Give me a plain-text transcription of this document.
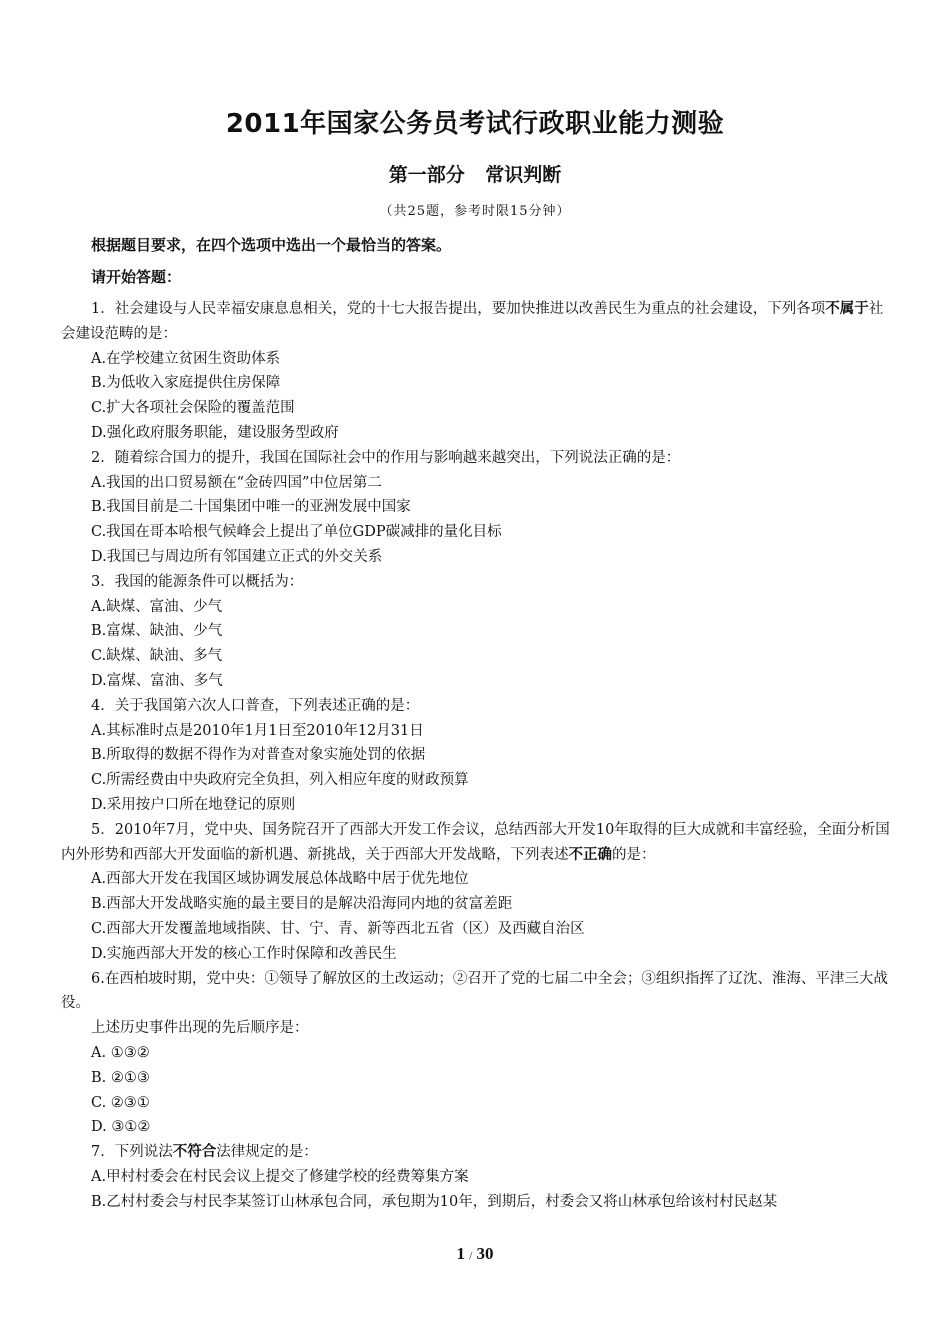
2011年国家公务员考试行政职业能力测验
第一部分 常识判断
（共25题，参考时限15分钟）
根据题目要求，在四个选项中选出一个最恰当的答案。
请开始答题：

1．社会建设与人民幸福安康息息相关，党的十七大报告提出，要加快推进以改善民生为重点的社会建设，下列各项不属于社会建设范畴的是：

A.在学校建立贫困生资助体系

B.为低收入家庭提供住房保障

C.扩大各项社会保险的覆盖范围

D.强化政府服务职能，建设服务型政府

2．随着综合国力的提升，我国在国际社会中的作用与影响越来越突出，下列说法正确的是：

A.我国的出口贸易额在“金砖四国”中位居第二

B.我国目前是二十国集团中唯一的亚洲发展中国家

C.我国在哥本哈根气候峰会上提出了单位GDP碳减排的量化目标

D.我国已与周边所有邻国建立正式的外交关系

3．我国的能源条件可以概括为：

A.缺煤、富油、少气

B.富煤、缺油、少气

C.缺煤、缺油、多气

D.富煤、富油、多气

4．关于我国第六次人口普查，下列表述正确的是：

A.其标准时点是2010年1月1日至2010年12月31日

B.所取得的数据不得作为对普查对象实施处罚的依据

C.所需经费由中央政府完全负担，列入相应年度的财政预算

D.采用按户口所在地登记的原则

5．2010年7月，党中央、国务院召开了西部大开发工作会议，总结西部大开发10年取得的巨大成就和丰富经验，全面分析国内外形势和西部大开发面临的新机遇、新挑战，关于西部大开发战略，下列表述不正确的是：

A.西部大开发在我国区域协调发展总体战略中居于优先地位

B.西部大开发战略实施的最主要目的是解决沿海同内地的贫富差距

C.西部大开发覆盖地域指陕、甘、宁、青、新等西北五省（区）及西藏自治区

D.实施西部大开发的核心工作时保障和改善民生

6.在西柏坡时期，党中央：①领导了解放区的土改运动；②召开了党的七届二中全会；③组织指挥了辽沈、淮海、平津三大战役。

上述历史事件出现的先后顺序是：

A. ①③②

B. ②①③

C. ②③①

D. ③①②

7．下列说法不符合法律规定的是：

A.甲村村委会在村民会议上提交了修建学校的经费筹集方案

B.乙村村委会与村民李某签订山林承包合同，承包期为10年，到期后，村委会又将山林承包给该村村民赵某

1 / 30
